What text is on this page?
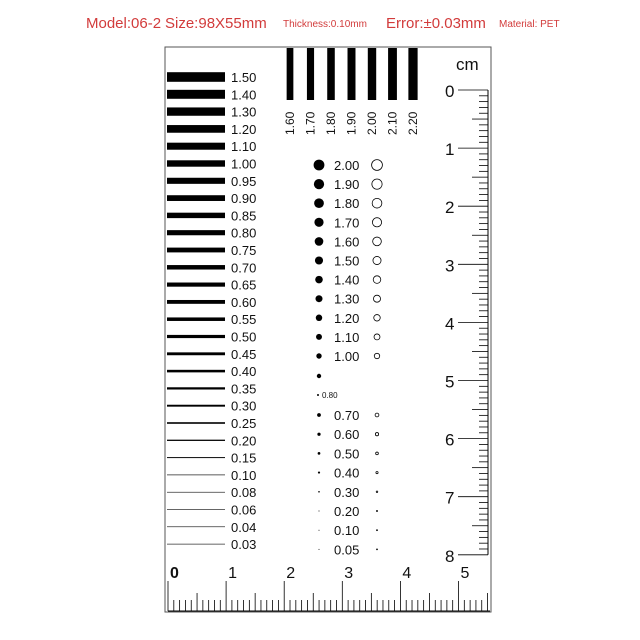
Model:06-2 Size:98X55mm Thickness:0.10mm Error:±0.03mm Material: PET
1.50
1.40
1.30
1.20
1.10
1.00
0.95
0.90
0.85
0.80
0.75
0.70
0.65
0.60
0.55
0.50
0.45
0.40
0.35
0.30
0.25
0.20
0.15
0.10
0.08
0.06
0.04
0.03
1.60 1.70 1.80 1.90 2.00 2.10 2.20
2.00
1.90
1.80
1.70
1.60
1.50
1.40
1.30
1.20
1.10
1.00
0.80
0.70
0.60
0.50
0.40
0.30
0.20
0.10
0.05
cm
0
1
2
3
4
5
6
7
8
0	1	2	3	4	5
